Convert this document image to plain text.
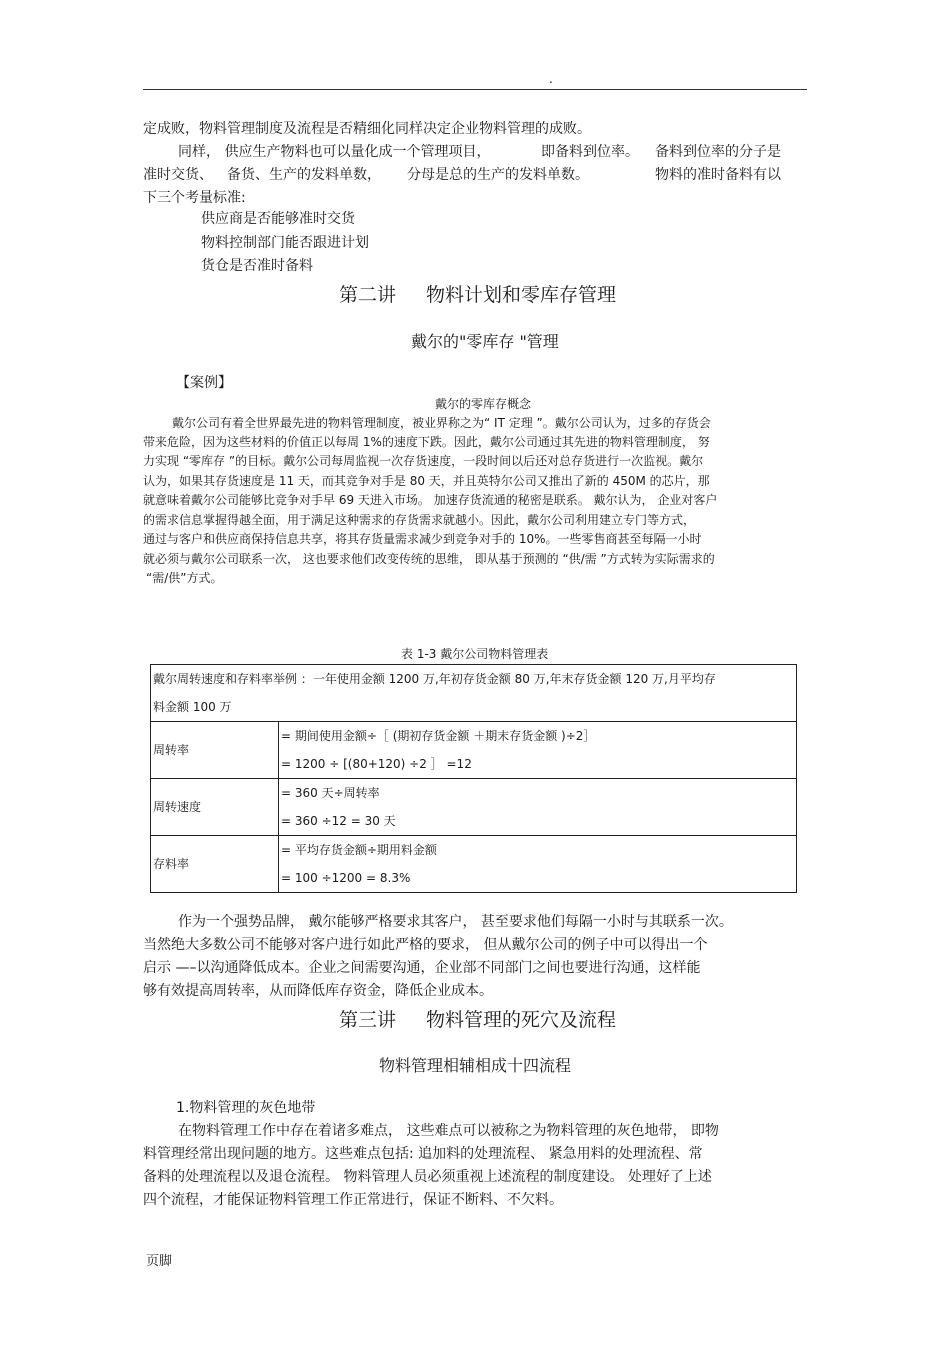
.
定成败，物料管理制度及流程是否精细化同样决定企业物料管理的成败。
同样， 供应生产物料也可以量化成一个管理项目，	即备料到位率。 备料到位率的分子是
准时交货、 备货、生产的发料单数， 分母是总的生产的发料单数。	物料的准时备料有以
下三个考量标准:
供应商是否能够准时交货
物料控制部门能否跟进计划
货仓是否准时备料
第二讲 物料计划和零库存管理
戴尔的"零库存 "管理
【案例】
戴尔的零库存概念
戴尔公司有着全世界最先进的物料管理制度，被业界称之为“ IT 定理 ”。戴尔公司认为，过多的存货会
带来危险，因为这些材料的价值正以每周 1%的速度下跌。因此，戴尔公司通过其先进的物料管理制度， 努
力实现 “零库存 ”的目标。戴尔公司每周监视一次存货速度，一段时间以后还对总存货进行一次监视。戴尔
认为，如果其存货速度是 11 天，而其竞争对手是 80 天，并且英特尔公司又推出了新的 450M 的芯片，那
就意味着戴尔公司能够比竞争对手早 69 天进入市场。 加速存货流通的秘密是联系。 戴尔认为， 企业对客户
的需求信息掌握得越全面，用于满足这种需求的存货需求就越小。因此，戴尔公司利用建立专门等方式，
通过与客户和供应商保持信息共享，将其存货量需求减少到竞争对手的 10%。一些零售商甚至每隔一小时
就必须与戴尔公司联系一次， 这也要求他们改变传统的思维， 即从基于预测的 “供/需 ”方式转为实际需求的
“需/供”方式。
表 1-3 戴尔公司物料管理表
戴尔周转速度和存料率举例 ：一年使用金额 1200 万,年初存货金额 80 万,年末存货金额 120 万,月平均存
料金额 100 万	

周转率	= 期间使用金额÷［ (期初存货金额 ＋期末存货金额 )÷2］
= 1200 ÷ [(80+120) ÷2 ］ =12

周转速度	= 360 天÷周转率
= 360 ÷12 = 30 天

存料率	= 平均存货金额÷期用料金额
= 100 ÷1200 = 8.3%
作为一个强势品牌， 戴尔能够严格要求其客户， 甚至要求他们每隔一小时与其联系一次。
当然绝大多数公司不能够对客户进行如此严格的要求， 但从戴尔公司的例子中可以得出一个
启示 —–以沟通降低成本。企业之间需要沟通，企业部不同部门之间也要进行沟通，这样能
够有效提高周转率，从而降低库存资金，降低企业成本。
第三讲 物料管理的死穴及流程
物料管理相辅相成十四流程
1.物料管理的灰色地带
在物料管理工作中存在着诸多难点， 这些难点可以被称之为物料管理的灰色地带， 即物
料管理经常出现问题的地方。这些难点包括: 追加料的处理流程、 紧急用料的处理流程、常
备料的处理流程以及退仓流程。 物料管理人员必须重视上述流程的制度建设。 处理好了上述
四个流程，才能保证物料管理工作正常进行，保证不断料、不欠料。
页脚
